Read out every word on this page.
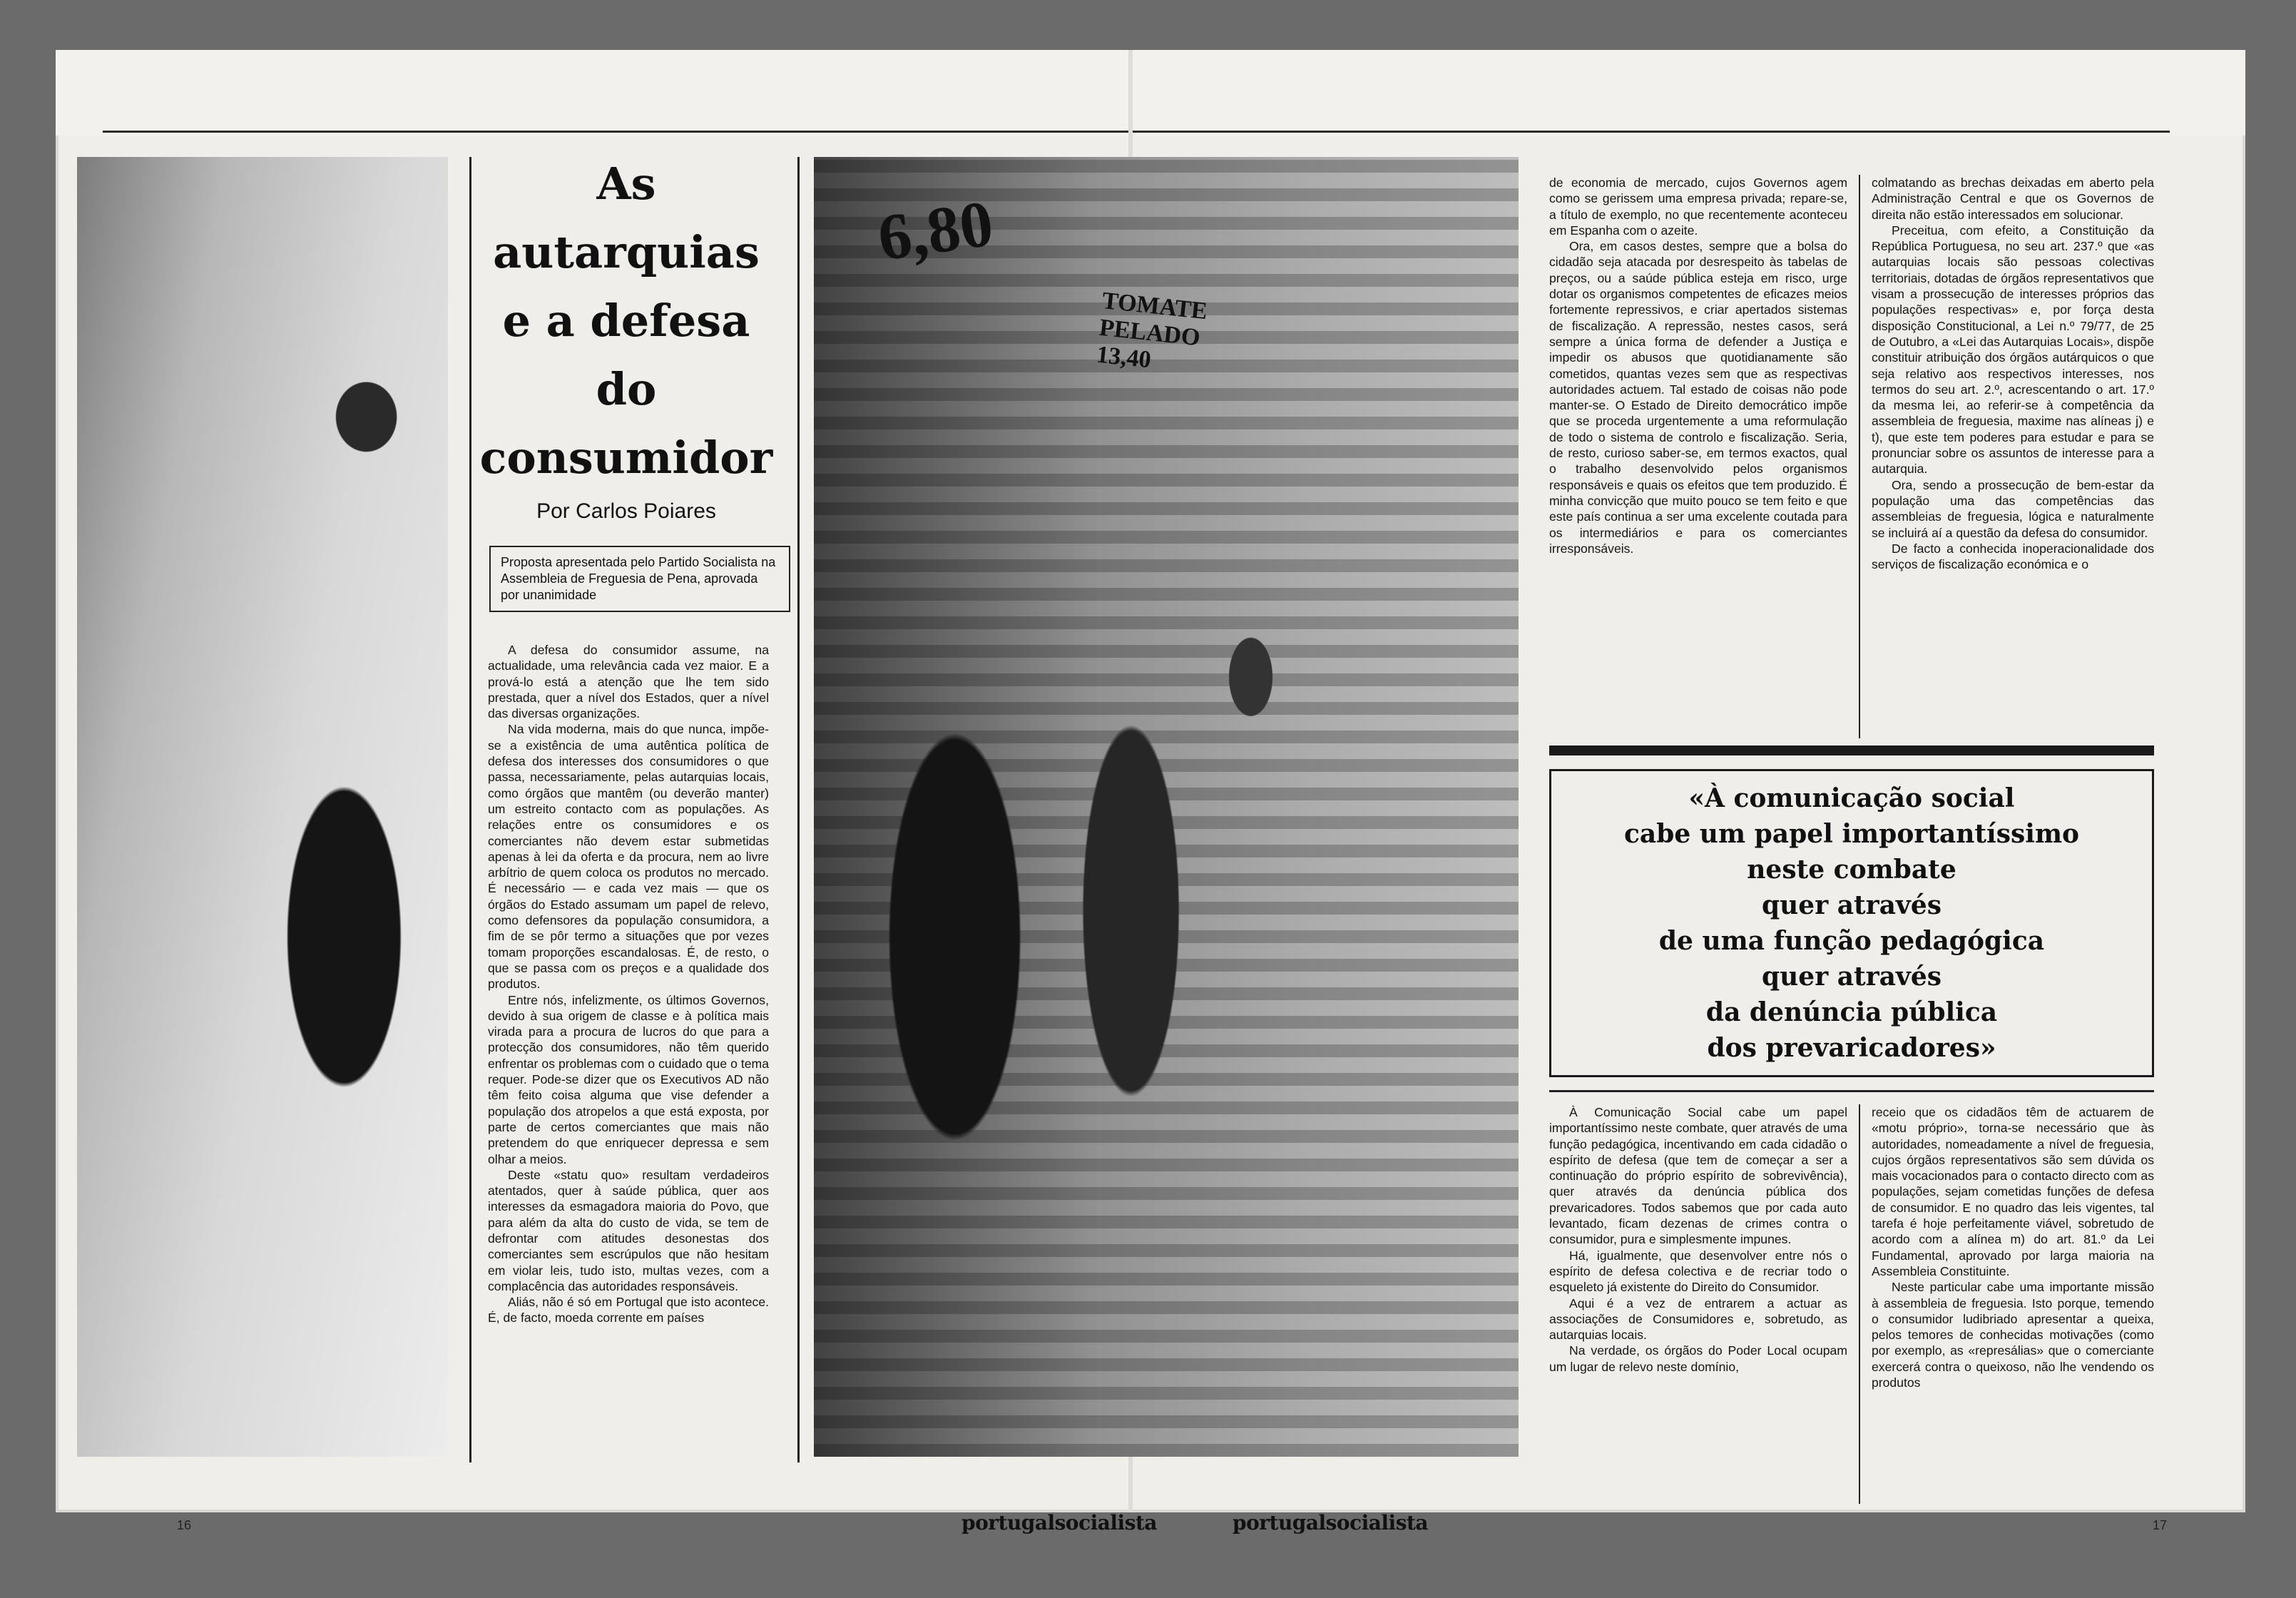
As
autarquias
e a defesa
do
consumidor
Por Carlos Poiares
Proposta apresentada pelo Partido Socialista na Assembleia de Freguesia de Pena, aprovada por unanimidade

A defesa do consumidor assume, na actualidade, uma relevância cada vez maior. E a prová-lo está a atenção que lhe tem sido prestada, quer a nível dos Estados, quer a nível das diversas organizações.

Na vida moderna, mais do que nunca, impõe-se a existência de uma autêntica política de defesa dos interesses dos consumidores o que passa, necessariamente, pelas autarquias locais, como órgãos que mantêm (ou deverão manter) um estreito contacto com as populações. As relações entre os consumidores e os comerciantes não devem estar submetidas apenas à lei da oferta e da procura, nem ao livre arbítrio de quem coloca os produtos no mercado. É necessário — e cada vez mais — que os órgãos do Estado assumam um papel de relevo, como defensores da população consumidora, a fim de se pôr termo a situações que por vezes tomam proporções escandalosas. É, de resto, o que se passa com os preços e a qualidade dos produtos.

Entre nós, infelizmente, os últimos Governos, devido à sua origem de classe e à política mais virada para a procura de lucros do que para a protecção dos consumidores, não têm querido enfrentar os problemas com o cuidado que o tema requer. Pode-se dizer que os Executivos AD não têm feito coisa alguma que vise defender a população dos atropelos a que está exposta, por parte de certos comerciantes que mais não pretendem do que enriquecer depressa e sem olhar a meios.

Deste «statu quo» resultam verdadeiros atentados, quer à saúde pública, quer aos interesses da esmagadora maioria do Povo, que para além da alta do custo de vida, se tem de defrontar com atitudes desonestas dos comerciantes sem escrúpulos que não hesitam em violar leis, tudo isto, multas vezes, com a complacência das autoridades responsáveis.

Aliás, não é só em Portugal que isto acontece. É, de facto, moeda corrente em países

6,80
TOMATE PELADO 13,40

de economia de mercado, cujos Governos agem como se gerissem uma empresa privada; repare-se, a título de exemplo, no que recentemente aconteceu em Espanha com o azeite.

Ora, em casos destes, sempre que a bolsa do cidadão seja atacada por desrespeito às tabelas de preços, ou a saúde pública esteja em risco, urge dotar os organismos competentes de eficazes meios fortemente repressivos, e criar apertados sistemas de fiscalização. A repressão, nestes casos, será sempre a única forma de defender a Justiça e impedir os abusos que quotidianamente são cometidos, quantas vezes sem que as respectivas autoridades actuem. Tal estado de coisas não pode manter-se. O Estado de Direito democrático impõe que se proceda urgentemente a uma reformulação de todo o sistema de controlo e fiscalização. Seria, de resto, curioso saber-se, em termos exactos, qual o trabalho desenvolvido pelos organismos responsáveis e quais os efeitos que tem produzido. É minha convicção que muito pouco se tem feito e que este país continua a ser uma excelente coutada para os intermediários e para os comerciantes irresponsáveis.

colmatando as brechas deixadas em aberto pela Administração Central e que os Governos de direita não estão interessados em solucionar.

Preceitua, com efeito, a Constituição da República Portuguesa, no seu art. 237.º que «as autarquias locais são pessoas colectivas territoriais, dotadas de órgãos representativos que visam a prossecução de interesses próprios das populações respectivas» e, por força desta disposição Constitucional, a Lei n.º 79/77, de 25 de Outubro, a «Lei das Autarquias Locais», dispõe constituir atribuição dos órgãos autárquicos o que seja relativo aos respectivos interesses, nos termos do seu art. 2.º, acrescentando o art. 17.º da mesma lei, ao referir-se à competência da assembleia de freguesia, maxime nas alíneas j) e t), que este tem poderes para estudar e para se pronunciar sobre os assuntos de interesse para a autarquia.

Ora, sendo a prossecução de bem-estar da população uma das competências das assembleias de freguesia, lógica e naturalmente se incluirá aí a questão da defesa do consumidor.

De facto a conhecida inoperacionalidade dos serviços de fiscalização económica e o

«À comunicação social
cabe um papel importantíssimo
neste combate
quer através
de uma função pedagógica
quer através
da denúncia pública
dos prevaricadores»

À Comunicação Social cabe um papel importantíssimo neste combate, quer através de uma função pedagógica, incentivando em cada cidadão o espírito de defesa (que tem de começar a ser a continuação do próprio espírito de sobrevivência), quer através da denúncia pública dos prevaricadores. Todos sabemos que por cada auto levantado, ficam dezenas de crimes contra o consumidor, pura e simplesmente impunes.

Há, igualmente, que desenvolver entre nós o espírito de defesa colectiva e de recriar todo o esqueleto já existente do Direito do Consumidor.

Aqui é a vez de entrarem a actuar as associações de Consumidores e, sobretudo, as autarquias locais.

Na verdade, os órgãos do Poder Local ocupam um lugar de relevo neste domínio,

receio que os cidadãos têm de actuarem de «motu próprio», torna-se necessário que às autoridades, nomeadamente a nível de freguesia, cujos órgãos representativos são sem dúvida os mais vocacionados para o contacto directo com as populações, sejam cometidas funções de defesa de consumidor. E no quadro das leis vigentes, tal tarefa é hoje perfeitamente viável, sobretudo de acordo com a alínea m) do art. 81.º da Lei Fundamental, aprovado por larga maioria na Assembleia Constituinte.

Neste particular cabe uma importante missão à assembleia de freguesia. Isto porque, temendo o consumidor ludibriado apresentar a queixa, pelos temores de conhecidas motivações (como por exemplo, as «represálias» que o comerciante exercerá contra o queixoso, não lhe vendendo os produtos

16	portugalsocialista	portugalsocialista	17
